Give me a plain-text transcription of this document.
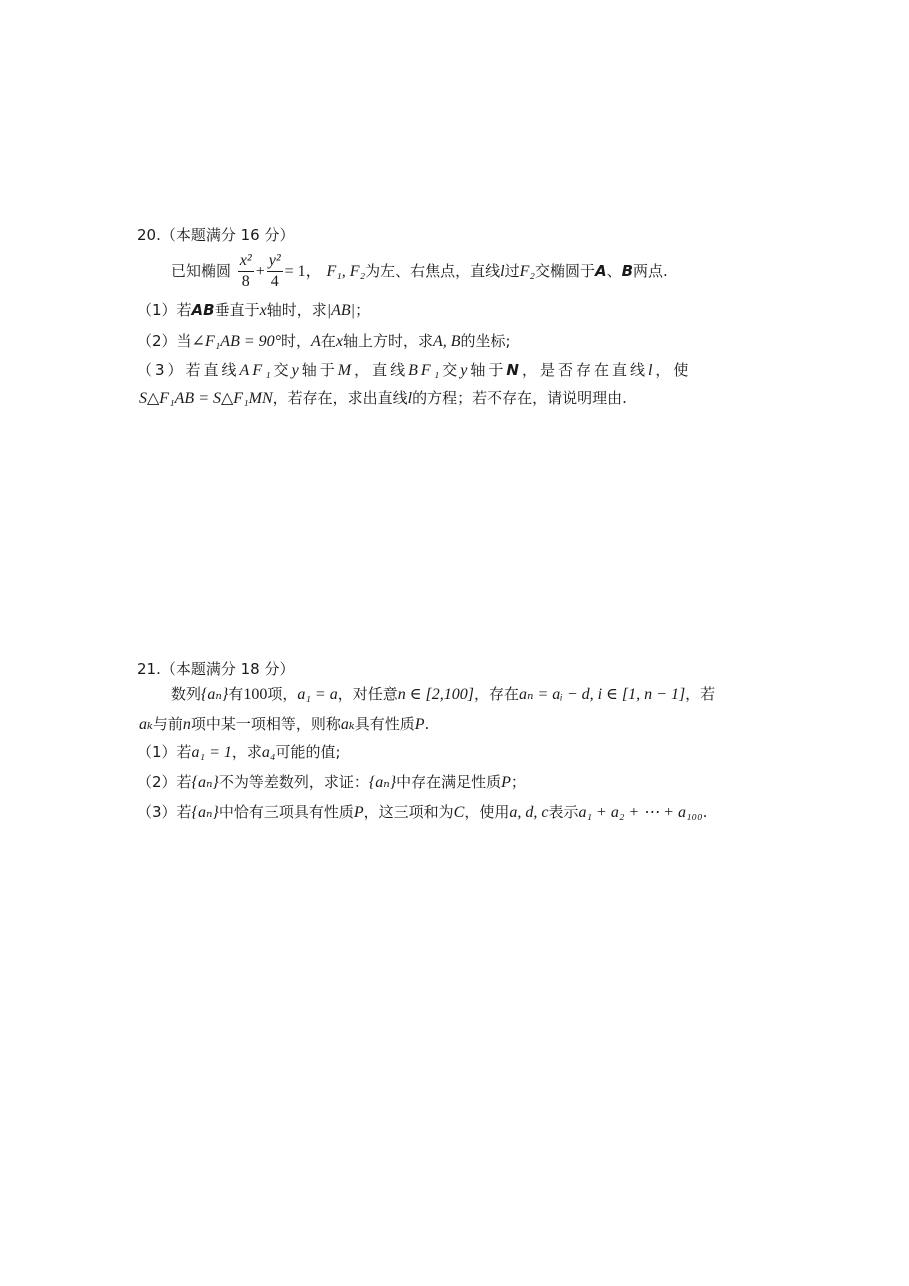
20.（本题满分 16 分）
已知椭圆 $\frac{\text{x²}}{8} + \frac{\text{y²}}{4} = 1$， F₁, F₂为左、右焦点，直线l过F₂交椭圆于A、B两点.
（1）若AB垂直于x轴时，求|AB|；
（2）当∠F₁AB = 90°时，A在x轴上方时，求A, B的坐标;
（3）若直线AF₁交y轴于M，直线BF₁交y轴于N，是否存在直线l，使
S△F₁AB = S△F₁MN，若存在，求出直线l的方程；若不存在，请说明理由.
21.（本题满分 18 分）
数列{aₙ}有100项，a₁ = a，对任意n ∈ [2,100]，存在aₙ = aᵢ − d, i ∈ [1, n − 1]，若
aₖ与前n项中某一项相等，则称aₖ具有性质P.
（1）若a₁ = 1，求a₄可能的值;
（2）若{aₙ}不为等差数列，求证：{aₙ}中存在满足性质P；
（3）若{aₙ}中恰有三项具有性质P，这三项和为C，使用a, d, c表示a₁ + a₂ + ⋯ + a₁₀₀.
